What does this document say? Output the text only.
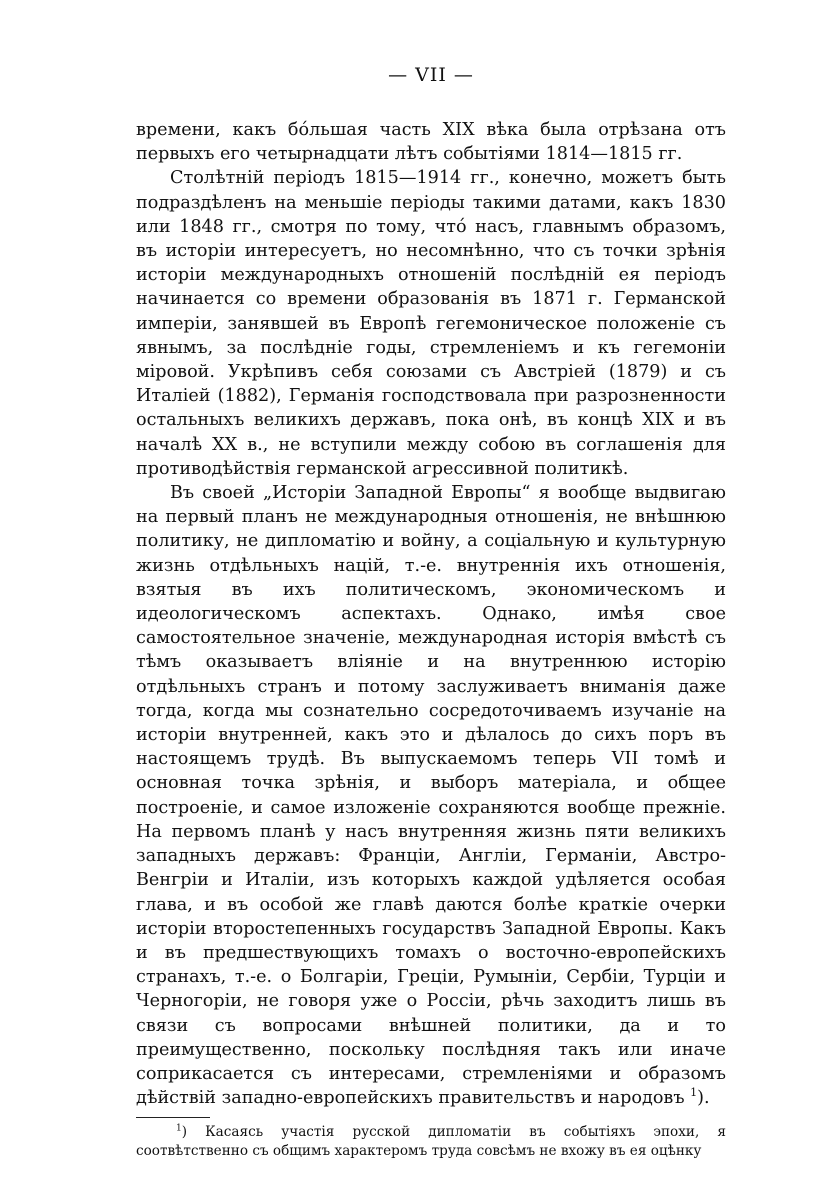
— VII —

времени, какъ бо́льшая часть XIX вѣка была отрѣзана отъ первыхъ его четырнадцати лѣтъ событіями 1814—1815 гг.

Столѣтній періодъ 1815—1914 гг., конечно, можетъ быть подраздѣленъ на меньшіе періоды такими датами, какъ 1830 или 1848 гг., смотря по тому, что́ насъ, главнымъ образомъ, въ исторіи интересуетъ, но несомнѣнно, что съ точки зрѣнія исторіи международныхъ отношеній послѣдній ея періодъ начинается со времени образованія въ 1871 г. Германской имперіи, занявшей въ Европѣ гегемоническое положеніе съ явнымъ, за послѣдніе годы, стремленіемъ и къ гегемоніи міровой. Укрѣпивъ себя союзами съ Австріей (1879) и съ Италіей (1882), Германія господствовала при разрозненности остальныхъ великихъ державъ, пока онѣ, въ концѣ XIX и въ началѣ XX в., не вступили между собою въ соглашенія для противодѣйствія германской агрессивной политикѣ.

Въ своей „Исторіи Западной Европы“ я вообще выдвигаю на первый планъ не международныя отношенія, не внѣшнюю политику, не дипломатію и войну, а соціальную и культурную жизнь отдѣльныхъ націй, т.-е. внутреннія ихъ отношенія, взятыя въ ихъ политическомъ, экономическомъ и идеологическомъ аспектахъ. Однако, имѣя свое самостоятельное значеніе, международная исторія вмѣстѣ съ тѣмъ оказываетъ вліяніе и на внутреннюю исторію отдѣльныхъ странъ и потому заслуживаетъ вниманія даже тогда, когда мы сознательно сосредоточиваемъ изучаніе на исторіи внутренней, какъ это и дѣлалось до сихъ поръ въ настоящемъ трудѣ. Въ выпускаемомъ теперь VII томѣ и основная точка зрѣнія, и выборъ матеріала, и общее построеніе, и самое изложеніе сохраняются вообще прежніе. На первомъ планѣ у насъ внутренняя жизнь пяти великихъ западныхъ державъ: Франціи, Англіи, Германіи, Австро-Венгріи и Италіи, изъ которыхъ каждой удѣляется особая глава, и въ особой же главѣ даются болѣе краткіе очерки исторіи второстепенныхъ государствъ Западной Европы. Какъ и въ предшествующихъ томахъ о восточно-европейскихъ странахъ, т.-е. о Болгаріи, Греціи, Румыніи, Сербіи, Турціи и Черногоріи, не говоря уже о Россіи, рѣчь заходитъ лишь въ связи съ вопросами внѣшней политики, да и то преимущественно, поскольку послѣдняя такъ или иначе соприкасается съ интересами, стремленіями и образомъ дѣйствій западно-европейскихъ правительствъ и народовъ $^1$).

$^1$) Касаясь участія русской дипломатіи въ событіяхъ эпохи, я соотвѣтственно съ общимъ характеромъ труда совсѣмъ не вхожу въ ея оцѣнку
